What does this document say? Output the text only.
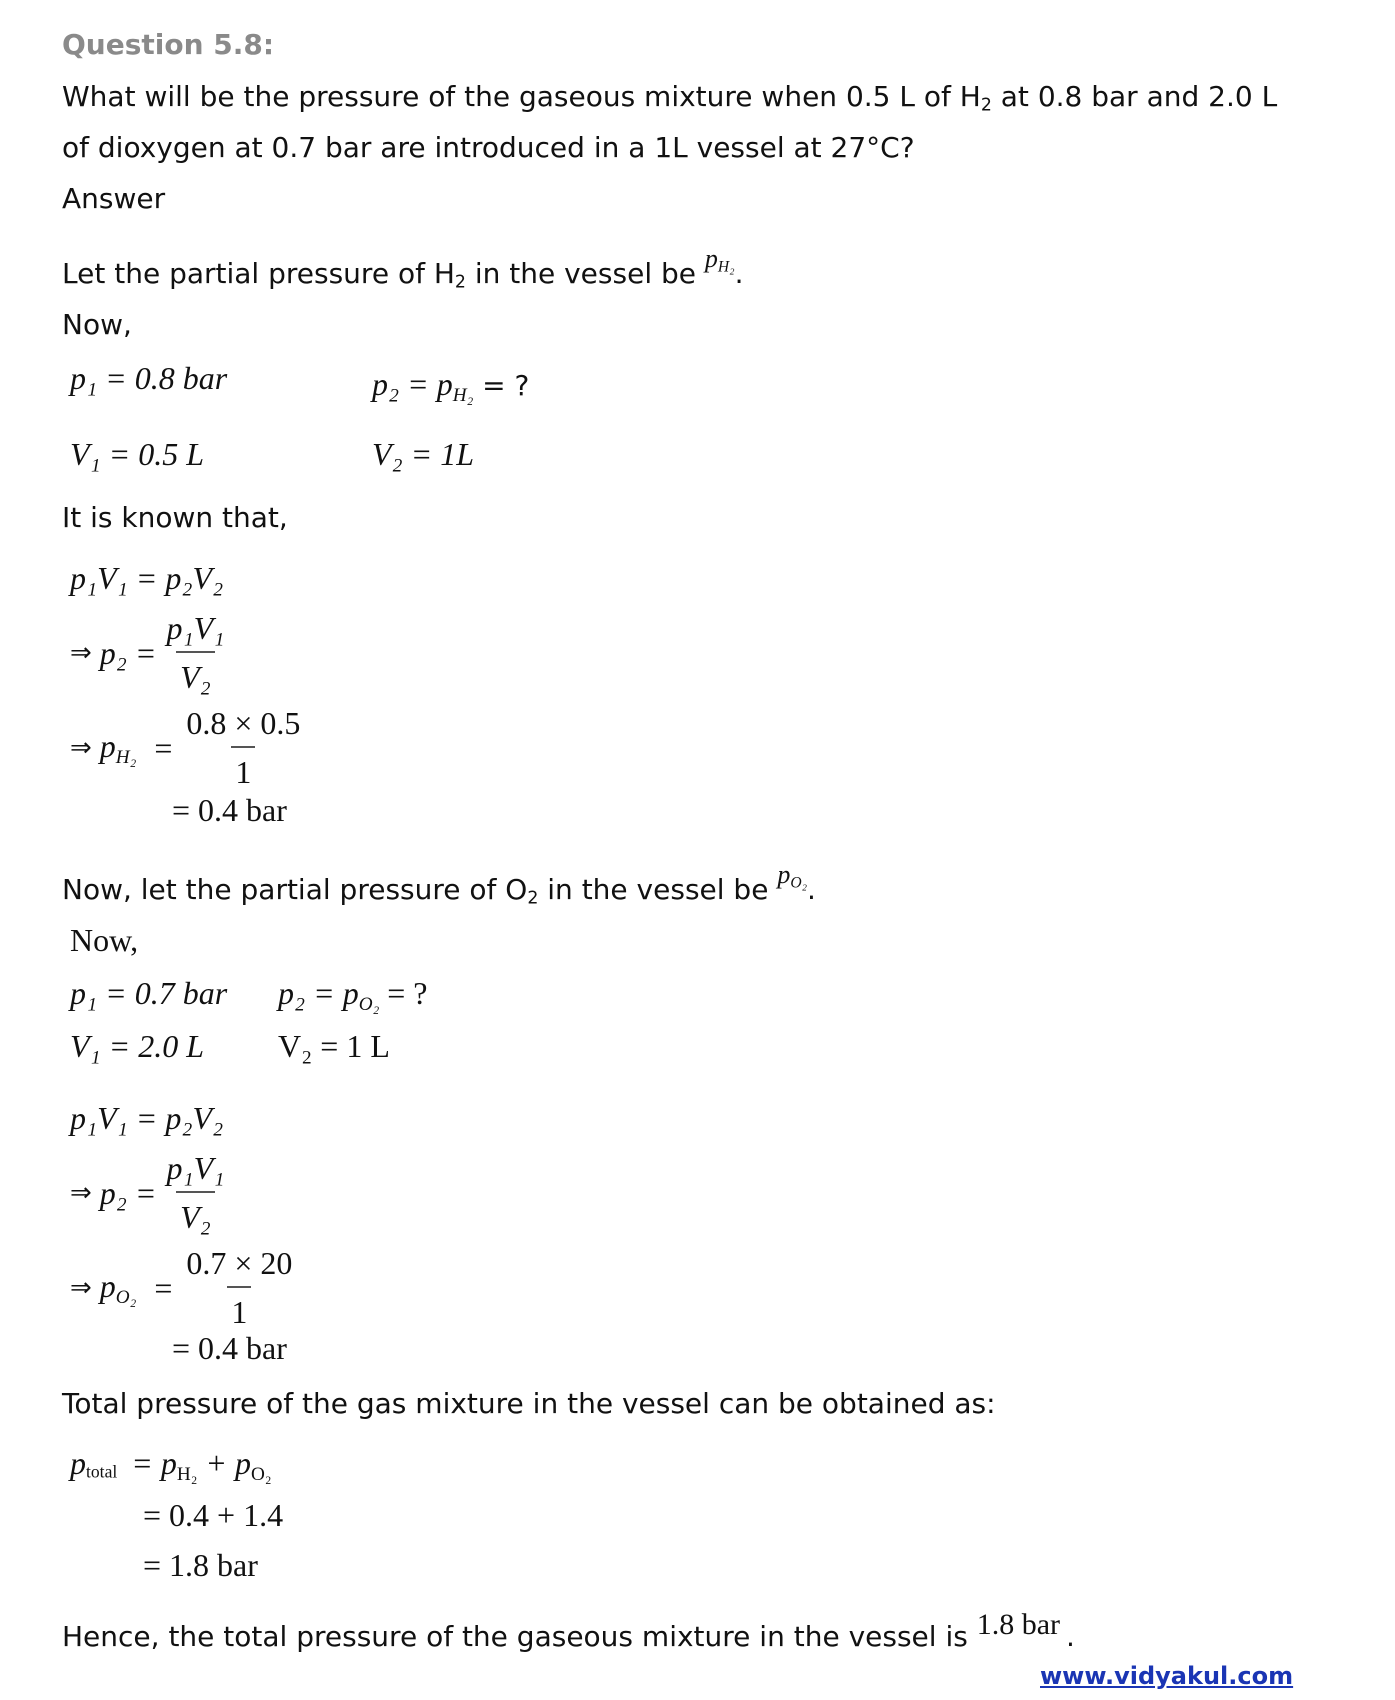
Question 5.8:
What will be the pressure of the gaseous mixture when 0.5 L of $H_2$ at 0.8 bar and 2.0 L
of dioxygen at 0.7 bar are introduced in a 1L vessel at 27°C?
Answer
Let the partial pressure of $H_2$ in the vessel be $p_{H_2}$.
Now,
p₁ = 0.8 bar	$p_2 = p_{H_2}$ = ?
V₁ = 0.5 L	V₂ = 1L
It is known that,
p₁V₁ = p₂V₂
⇒ $p_2 = \frac{\text{p₁V₁}}{\text{V₂}}$
⇒ $p_{H_2} = \frac{0.8 \times 0.5}{1}$
= 0.4 bar
Now, let the partial pressure of $O_2$ in the vessel be $p_{O_2}$.
Now,
p₁ = 0.7 bar $p_2 = p_{O_2}$ = ?
V₁ = 2.0 L V₂ = 1 L
p₁V₁ = p₂V₂
⇒ $p_2 = \frac{\text{p₁V₁}}{\text{V₂}}$
⇒ $p_{O_2} = \frac{0.7 \times 20}{1}$
= 0.4 bar
Total pressure of the gas mixture in the vessel can be obtained as:
$p_{total} = p_{H_2} + p_{O_2}$
= 0.4 + 1.4
= 1.8 bar
Hence, the total pressure of the gaseous mixture in the vessel is 1.8 bar .
www.vidyakul.com
